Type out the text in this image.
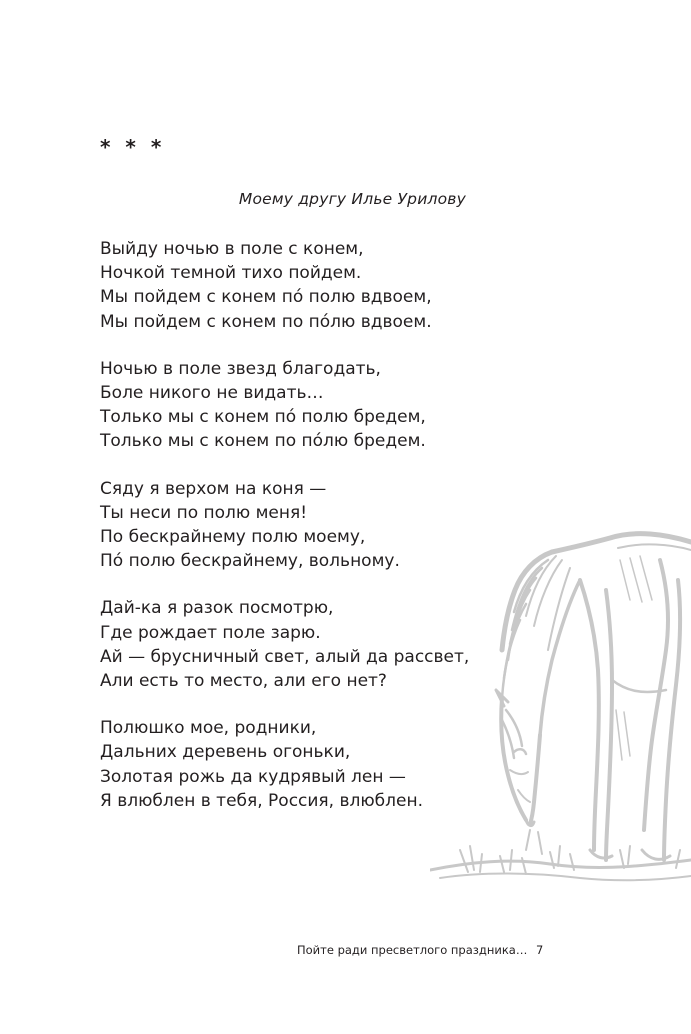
* * *
Моему другу Илье Урилову
Выйду ночью в поле с конем,
Ночкой темной тихо пойдем.
Мы пойдем с конем пó полю вдвоем,
Мы пойдем с конем по пóлю вдвоем.
Ночью в поле звезд благодать,
Боле никого не видать…
Только мы с конем пó полю бредем,
Только мы с конем по пóлю бредем.
Сяду я верхом на коня —
Ты неси по полю меня!
По бескрайнему полю моему,
Пó полю бескрайнему, вольному.
Дай-ка я разок посмотрю,
Где рождает поле зарю.
Ай — брусничный свет, алый да рассвет,
Али есть то место, али его нет?
Полюшко мое, родники,
Дальних деревень огоньки,
Золотая рожь да кудрявый лен —
Я влюблен в тебя, Россия, влюблен.
Пойте ради пресветлого праздника… 7
